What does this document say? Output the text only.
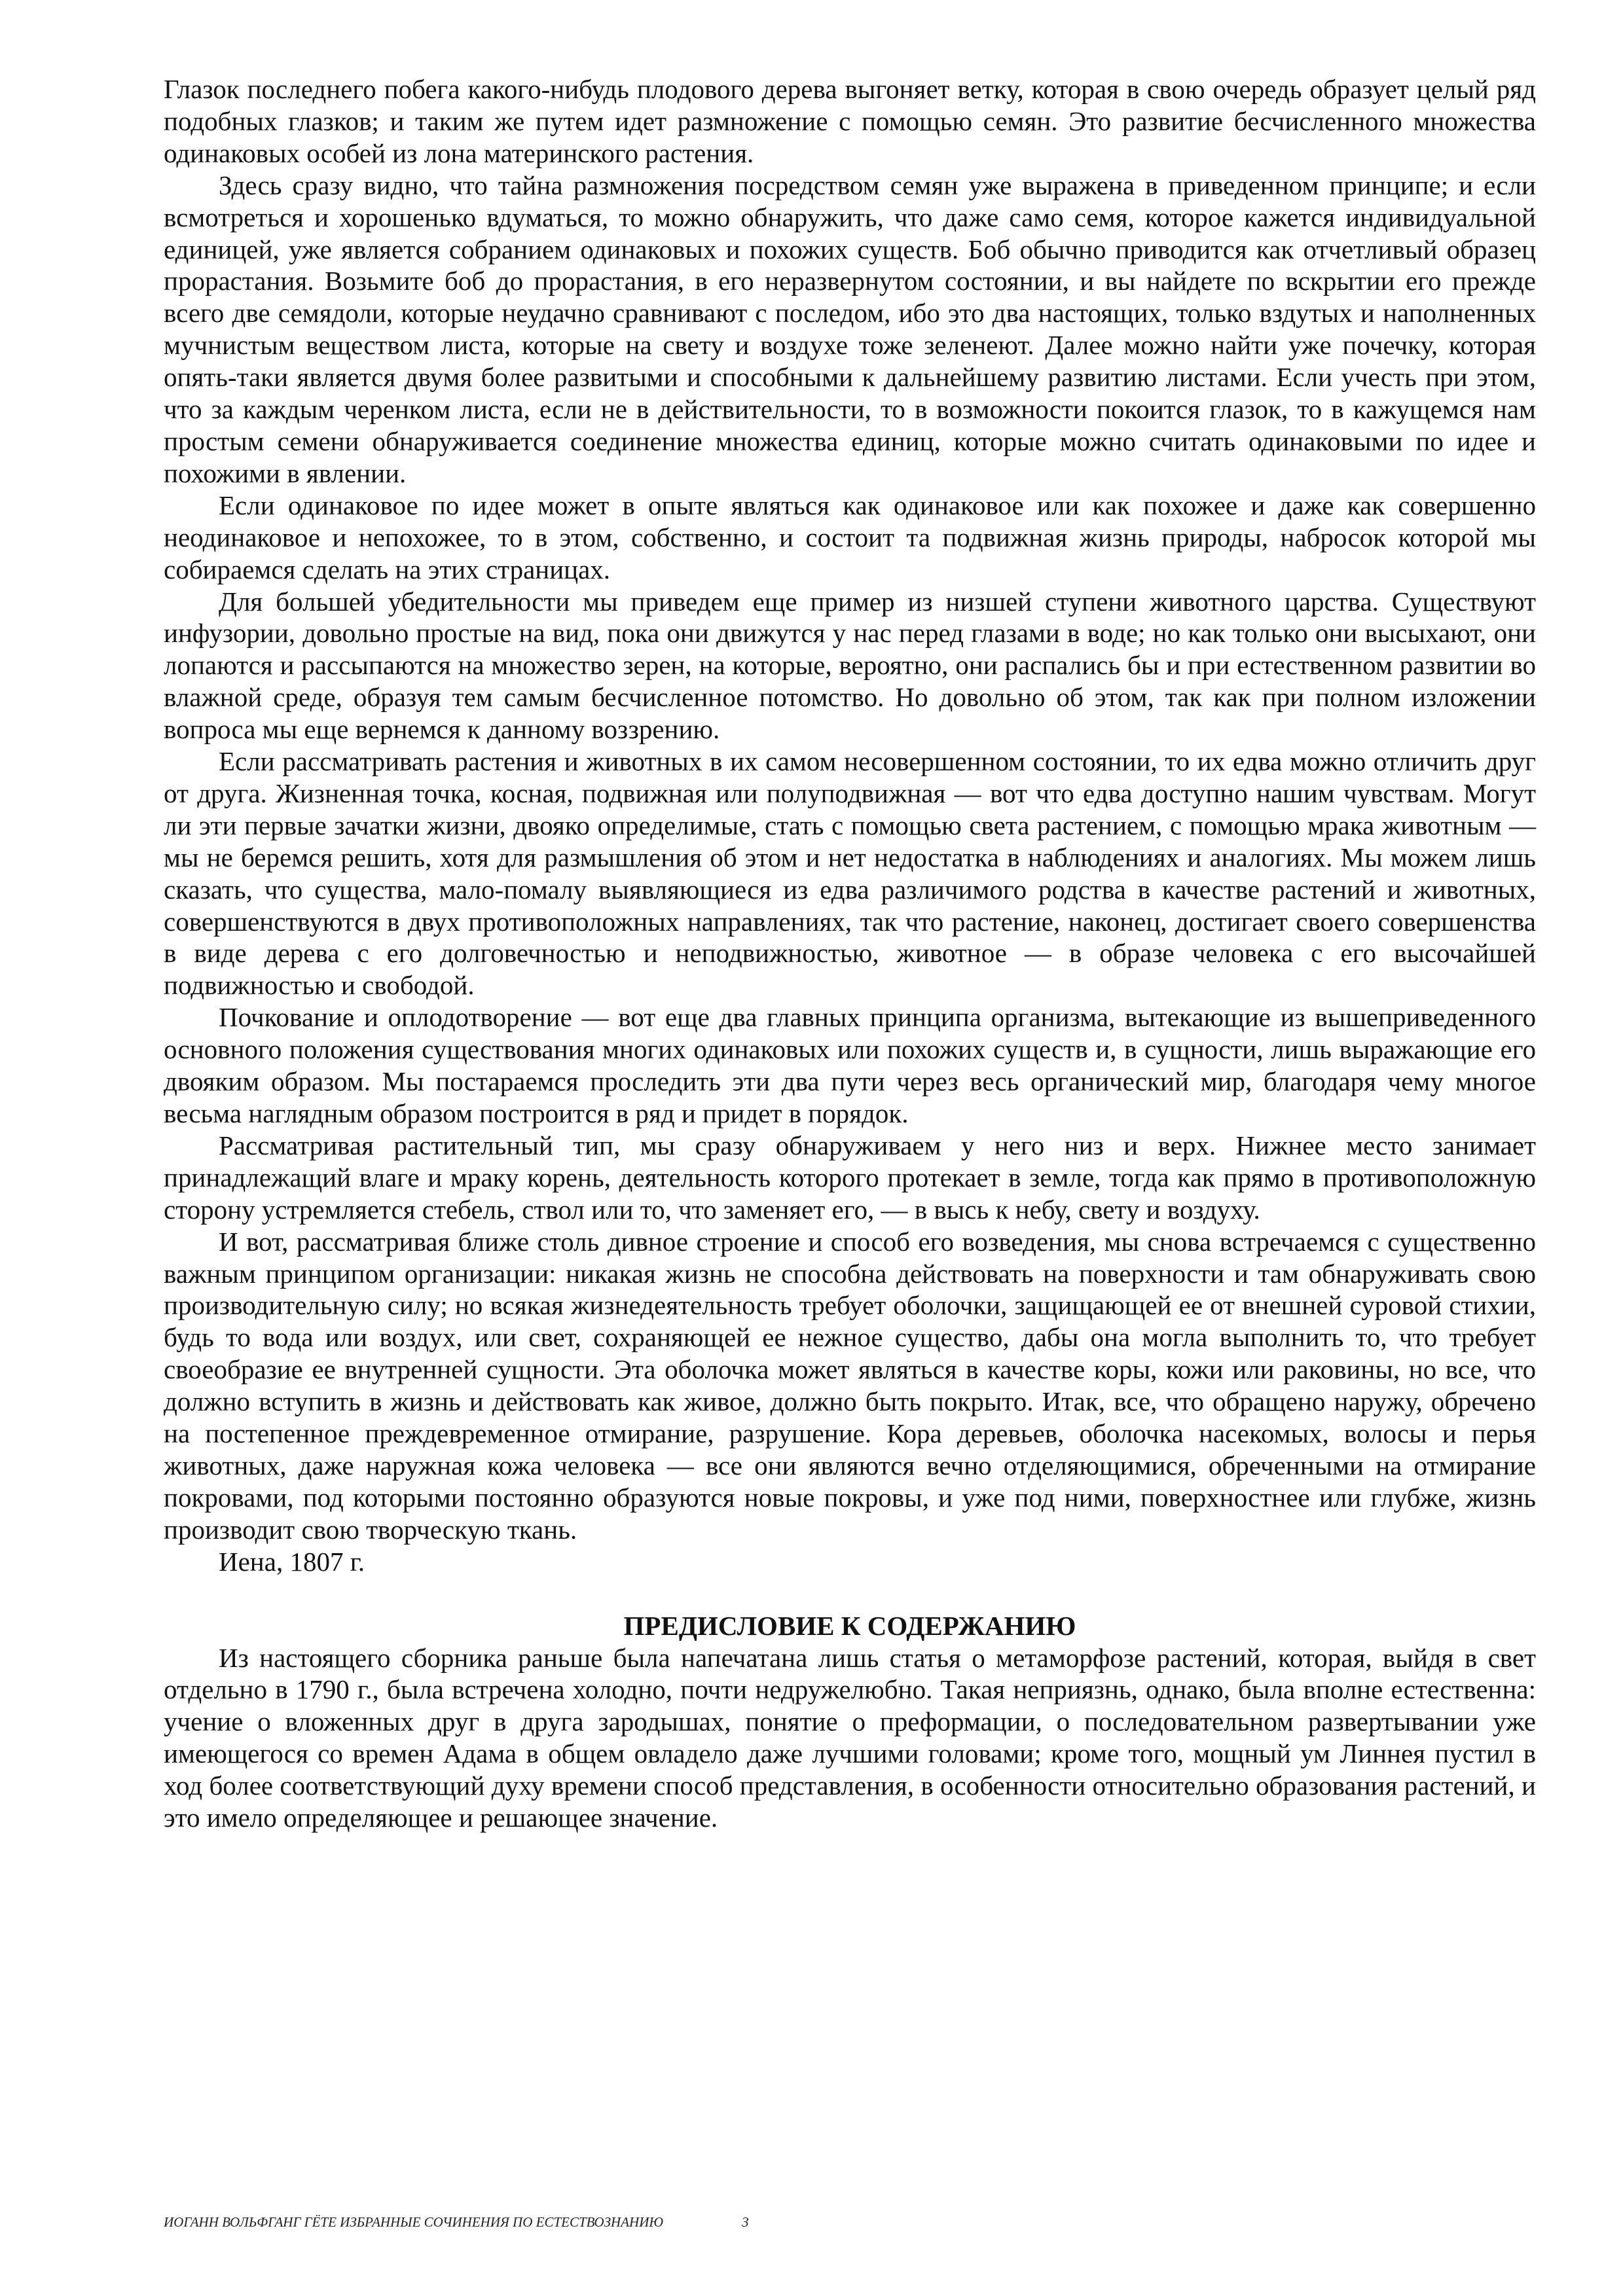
Глазок последнего побега какого-нибудь плодового дерева выгоняет ветку, которая в свою очередь образует целый ряд подобных глазков; и таким же путем идет размножение с помощью семян. Это развитие бесчисленного множества одинаковых особей из лона материнского растения.

Здесь сразу видно, что тайна размножения посредством семян уже выражена в приведенном принципе; и если всмотреться и хорошенько вдуматься, то можно обнаружить, что даже само семя, которое кажется индивидуальной единицей, уже является собранием одинаковых и похожих существ. Боб обычно приводится как отчетливый образец прорастания. Возьмите боб до прорастания, в его неразвернутом состоянии, и вы найдете по вскрытии его прежде всего две семядоли, которые неудачно сравнивают с последом, ибо это два настоящих, только вздутых и наполненных мучнистым веществом листа, которые на свету и воздухе тоже зеленеют. Далее можно найти уже почечку, которая опять-таки является двумя более развитыми и способными к дальнейшему развитию листами. Если учесть при этом, что за каждым черенком листа, если не в действительности, то в возможности покоится глазок, то в кажущемся нам простым семени обнаруживается соединение множества единиц, которые можно считать одинаковыми по идее и похожими в явлении.

Если одинаковое по идее может в опыте являться как одинаковое или как похожее и даже как совершенно неодинаковое и непохожее, то в этом, собственно, и состоит та подвижная жизнь природы, набросок которой мы собираемся сделать на этих страницах.

Для большей убедительности мы приведем еще пример из низшей ступени животного царства. Существуют инфузории, довольно простые на вид, пока они движутся у нас перед глазами в воде; но как только они высыхают, они лопаются и рассыпаются на множество зерен, на которые, вероятно, они распались бы и при естественном развитии во влажной среде, образуя тем самым бесчисленное потомство. Но довольно об этом, так как при полном изложении вопроса мы еще вернемся к данному воззрению.

Если рассматривать растения и животных в их самом несовершенном состоянии, то их едва можно отличить друг от друга. Жизненная точка, косная, подвижная или полуподвижная — вот что едва доступно нашим чувствам. Могут ли эти первые зачатки жизни, двояко определимые, стать с помощью света растением, с помощью мрака животным — мы не беремся решить, хотя для размышления об этом и нет недостатка в наблюдениях и аналогиях. Мы можем лишь сказать, что существа, мало-помалу выявляющиеся из едва различимого родства в качестве растений и животных, совершенствуются в двух противоположных направлениях, так что растение, наконец, достигает своего совершенства в виде дерева с его долговечностью и неподвижностью, животное — в образе человека с его высочайшей подвижностью и свободой.

Почкование и оплодотворение — вот еще два главных принципа организма, вытекающие из вышеприведенного основного положения существования многих одинаковых или похожих существ и, в сущности, лишь выражающие его двояким образом. Мы постараемся проследить эти два пути через весь органический мир, благодаря чему многое весьма наглядным образом построится в ряд и придет в порядок.

Рассматривая растительный тип, мы сразу обнаруживаем у него низ и верх. Нижнее место занимает принадлежащий влаге и мраку корень, деятельность которого протекает в земле, тогда как прямо в противоположную сторону устремляется стебель, ствол или то, что заменяет его, — в высь к небу, свету и воздуху.

И вот, рассматривая ближе столь дивное строение и способ его возведения, мы снова встречаемся с существенно важным принципом организации: никакая жизнь не способна действовать на поверхности и там обнаруживать свою производительную силу; но всякая жизнедеятельность требует оболочки, защищающей ее от внешней суровой стихии, будь то вода или воздух, или свет, сохраняющей ее нежное существо, дабы она могла выполнить то, что требует своеобразие ее внутренней сущности. Эта оболочка может являться в качестве коры, кожи или раковины, но все, что должно вступить в жизнь и действовать как живое, должно быть покрыто. Итак, все, что обращено наружу, обречено на постепенное преждевременное отмирание, разрушение. Кора деревьев, оболочка насекомых, волосы и перья животных, даже наружная кожа человека — все они являются вечно отделяющимися, обреченными на отмирание покровами, под которыми постоянно образуются новые покровы, и уже под ними, поверхностнее или глубже, жизнь производит свою творческую ткань.

Иена, 1807 г.

ПРЕДИСЛОВИЕ К СОДЕРЖАНИЮ

Из настоящего сборника раньше была напечатана лишь статья о метаморфозе растений, которая, выйдя в свет отдельно в 1790 г., была встречена холодно, почти недружелюбно. Такая неприязнь, однако, была вполне естественна: учение о вложенных друг в друга зародышах, понятие о преформации, о последовательном развертывании уже имеющегося со времен Адама в общем овладело даже лучшими головами; кроме того, мощный ум Линнея пустил в ход более соответствующий духу времени способ представления, в особенности относительно образования растений, и это имело определяющее и решающее значение.

ИОГАНН ВОЛЬФГАНГ ГЁТЕ ИЗБРАННЫЕ СОЧИНЕНИЯ ПО ЕСТЕСТВОЗНАНИЮ	3
